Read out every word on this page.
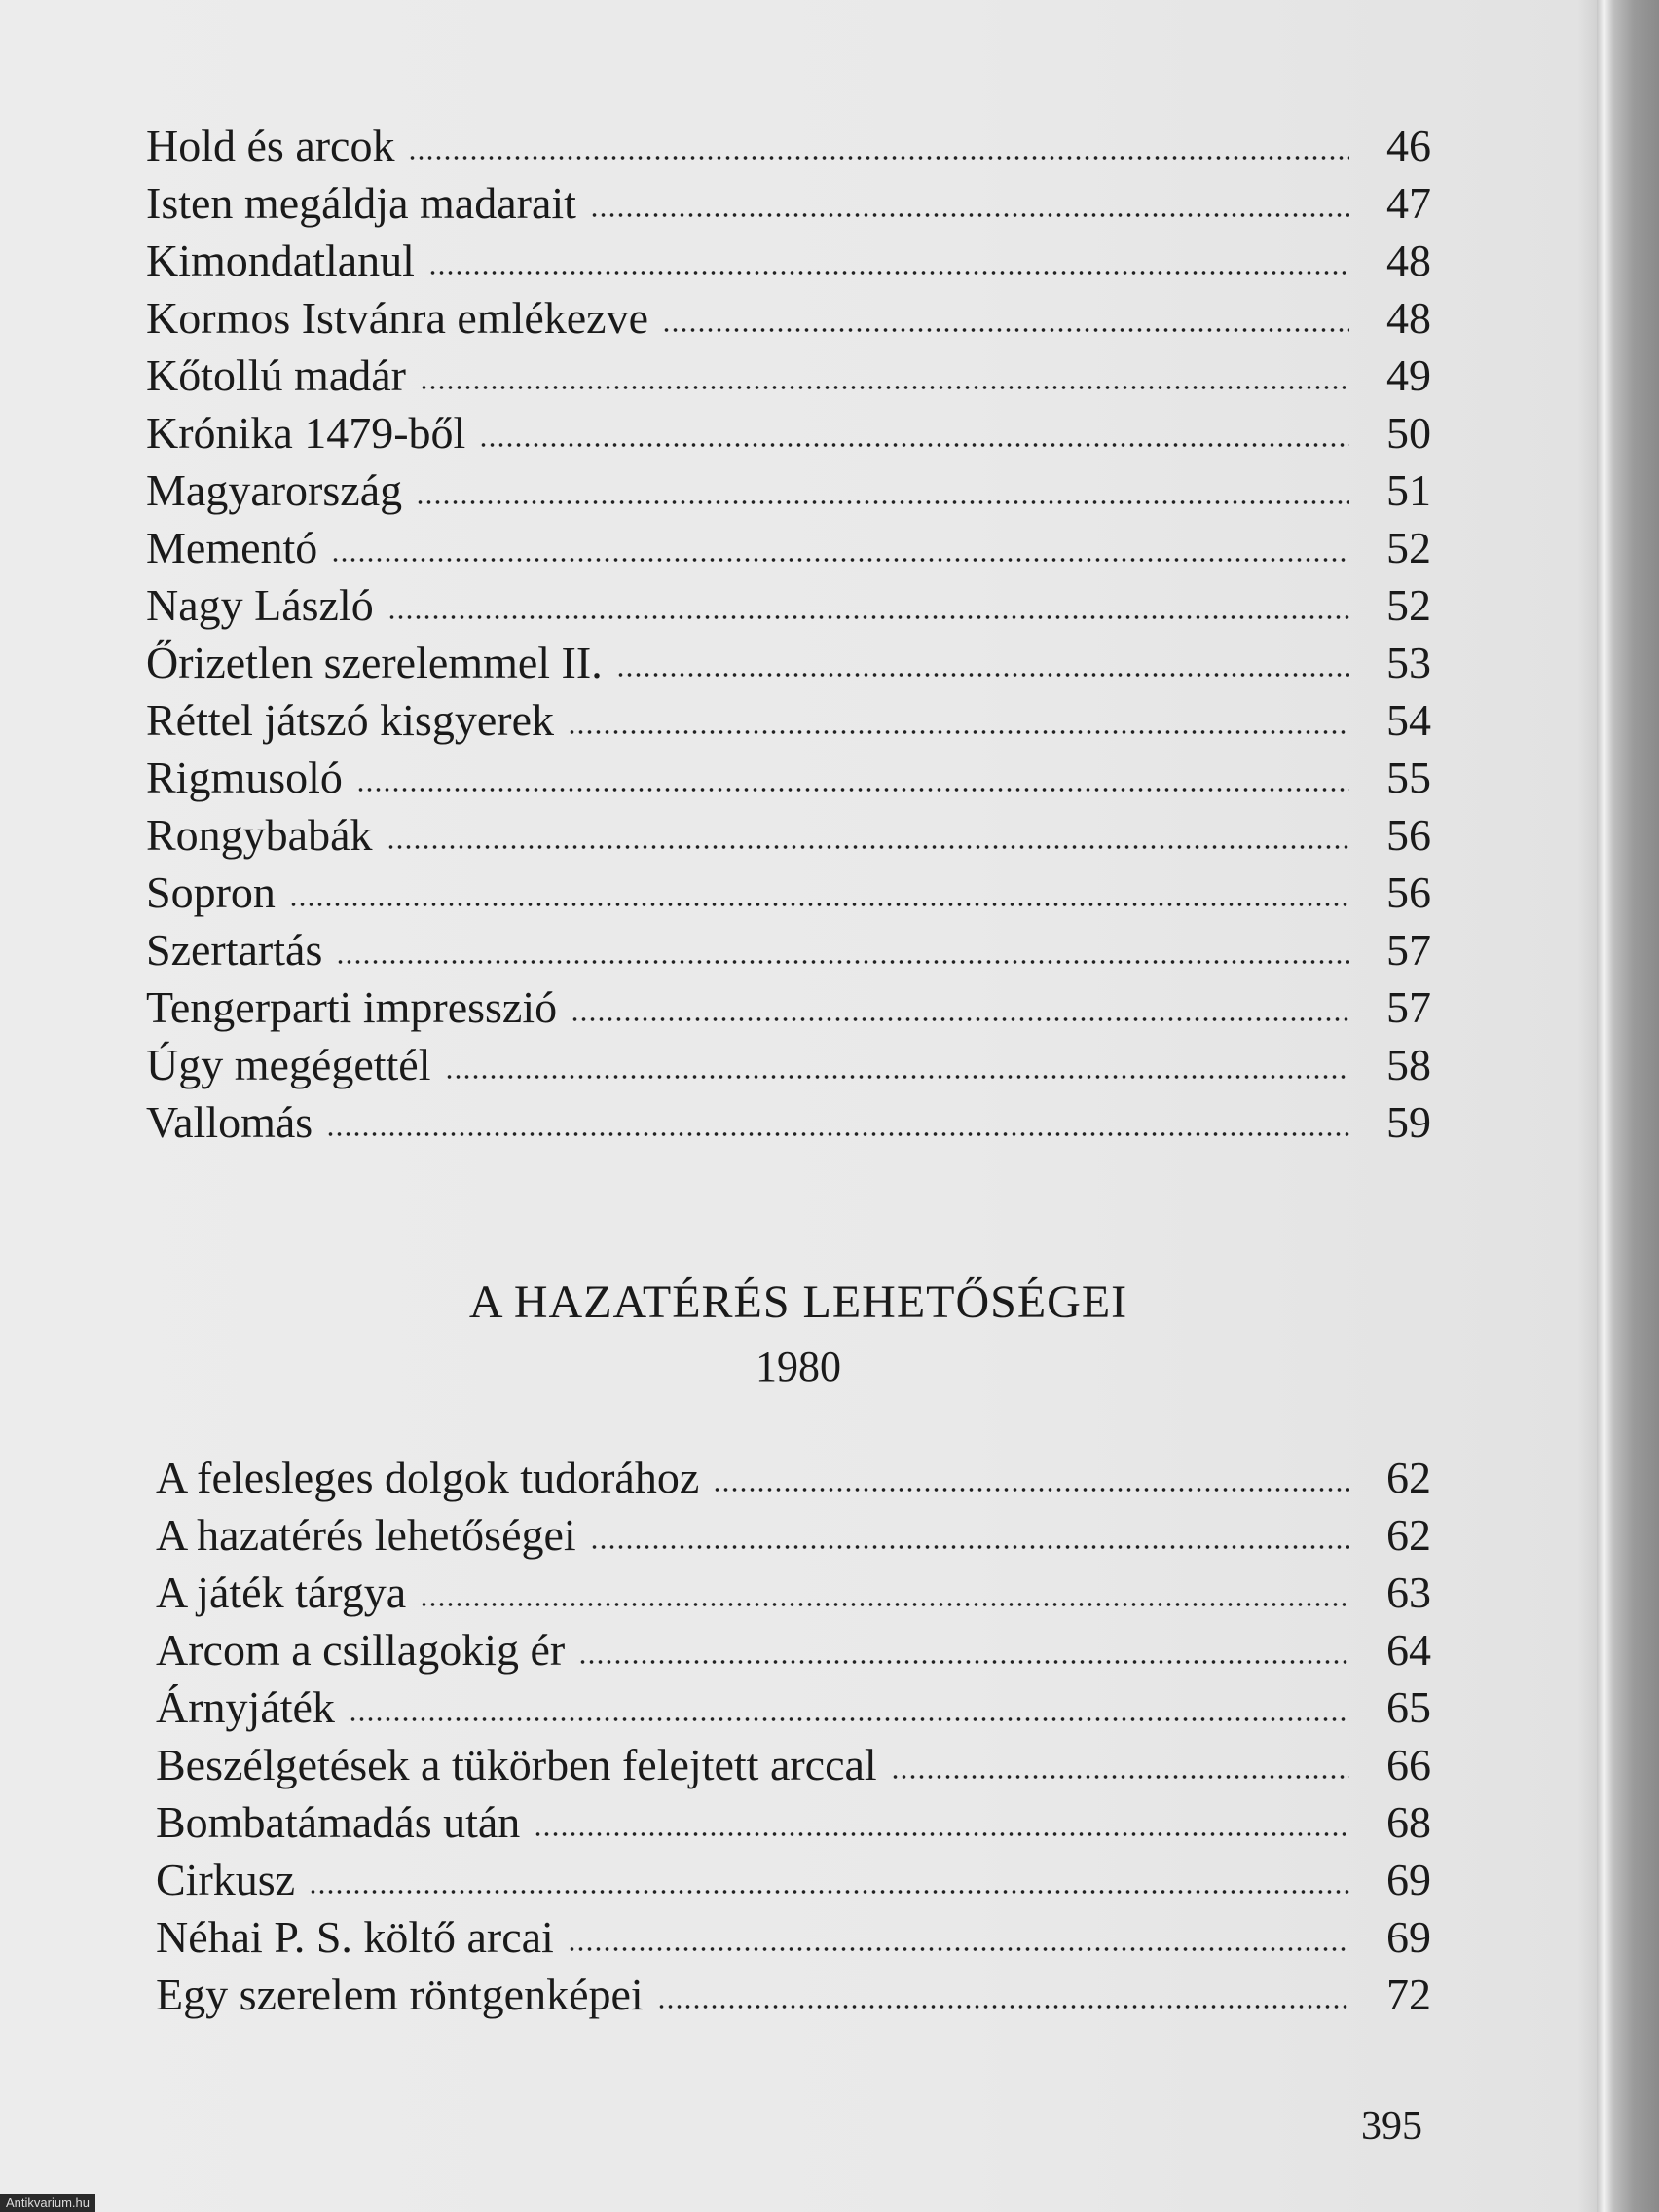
Hold és arcok	46
Isten megáldja madarait	47
Kimondatlanul	48
Kormos Istvánra emlékezve	48
Kőtollú madár	49
Krónika 1479-ből	50
Magyarország	51
Mementó	52
Nagy László	52
Őrizetlen szerelemmel II.	53
Réttel játszó kisgyerek	54
Rigmusoló	55
Rongybabák	56
Sopron	56
Szertartás	57
Tengerparti impresszió	57
Úgy megégettél	58
Vallomás	59
A HAZATÉRÉS LEHETŐSÉGEI
1980
A felesleges dolgok tudorához	62
A hazatérés lehetőségei	62
A játék tárgya	63
Arcom a csillagokig ér	64
Árnyjáték	65
Beszélgetések a tükörben felejtett arccal	66
Bombatámadás után	68
Cirkusz	69
Néhai P. S. költő arcai	69
Egy szerelem röntgenképei	72
395
Antikvarium.hu
